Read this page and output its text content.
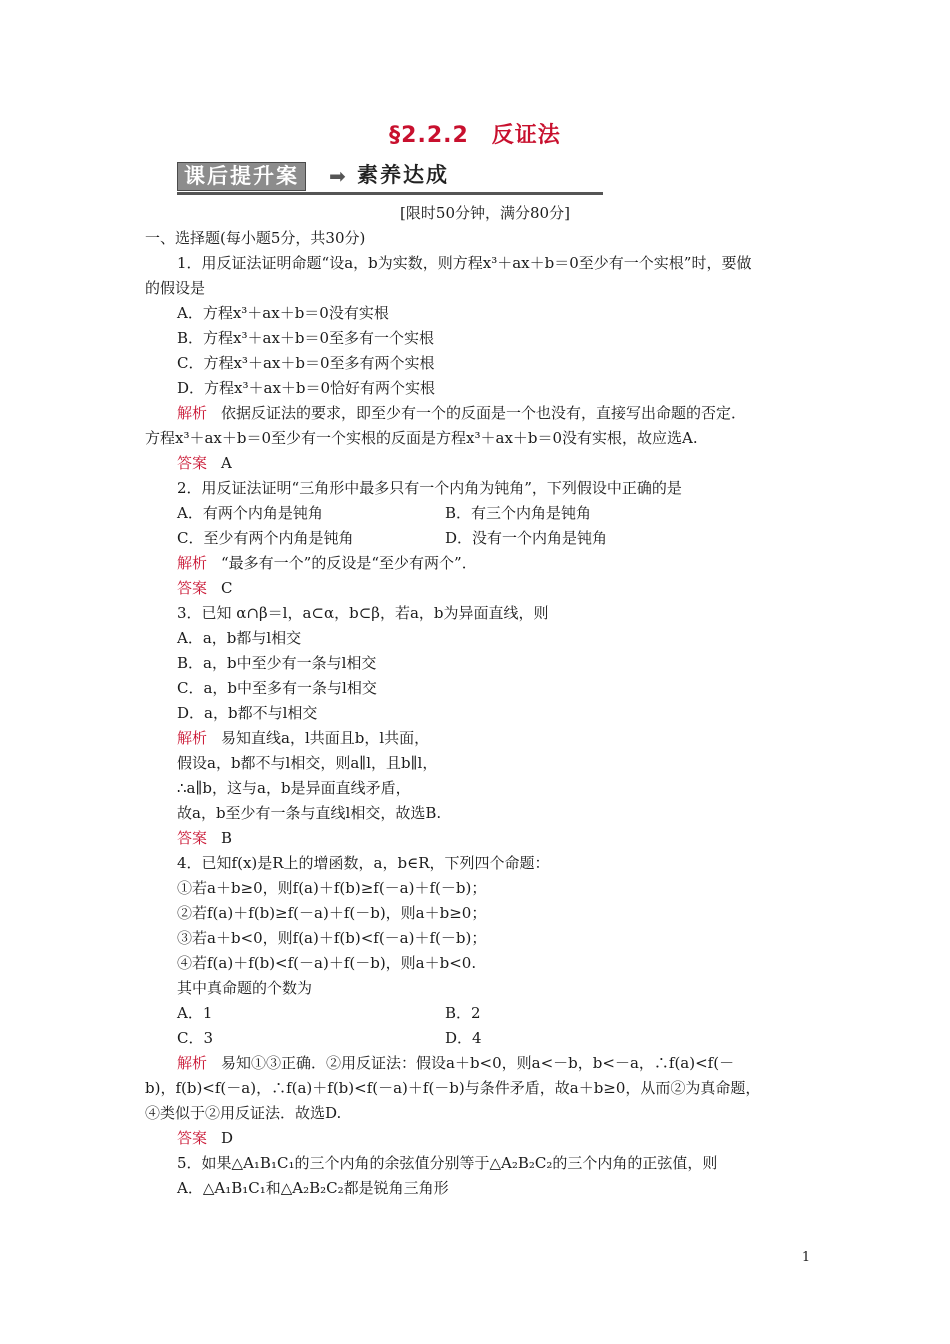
§2.2.2　反证法
课后提升案	➡ 素养达成
[限时50分钟，满分80分]
一、选择题(每小题5分，共30分)
1．用反证法证明命题“设a，b为实数，则方程x³＋ax＋b＝0至少有一个实根”时，要做
的假设是
A．方程x³＋ax＋b＝0没有实根
B．方程x³＋ax＋b＝0至多有一个实根
C．方程x³＋ax＋b＝0至多有两个实根
D．方程x³＋ax＋b＝0恰好有两个实根
解析 依据反证法的要求，即至少有一个的反面是一个也没有，直接写出命题的否定．
方程x³＋ax＋b＝0至少有一个实根的反面是方程x³＋ax＋b＝0没有实根，故应选A.
答案 A
2．用反证法证明“三角形中最多只有一个内角为钝角”，下列假设中正确的是
A．有两个内角是钝角	B．有三个内角是钝角
C．至少有两个内角是钝角	D．没有一个内角是钝角
解析 “最多有一个”的反设是“至少有两个”．
答案 C
3．已知 α∩β＝l，a⊂α，b⊂β，若a，b为异面直线，则
A．a，b都与l相交
B．a，b中至少有一条与l相交
C．a，b中至多有一条与l相交
D．a，b都不与l相交
解析 易知直线a，l共面且b，l共面，
假设a，b都不与l相交，则a∥l，且b∥l，
∴a∥b，这与a，b是异面直线矛盾，
故a，b至少有一条与直线l相交，故选B.
答案 B
4．已知f(x)是R上的增函数，a，b∈R，下列四个命题：
①若a＋b≥0，则f(a)＋f(b)≥f(－a)＋f(－b)；
②若f(a)＋f(b)≥f(－a)＋f(－b)，则a＋b≥0；
③若a＋b<0，则f(a)＋f(b)<f(－a)＋f(－b)；
④若f(a)＋f(b)<f(－a)＋f(－b)，则a＋b<0.
其中真命题的个数为
A．1	B．2
C．3	D．4
解析 易知①③正确．②用反证法：假设a＋b<0，则a<－b，b<－a，∴f(a)<f(－
b)，f(b)<f(－a)，∴f(a)＋f(b)<f(－a)＋f(－b)与条件矛盾，故a＋b≥0，从而②为真命题，
④类似于②用反证法．故选D.
答案 D
5．如果△A₁B₁C₁的三个内角的余弦值分别等于△A₂B₂C₂的三个内角的正弦值，则
A．△A₁B₁C₁和△A₂B₂C₂都是锐角三角形
1
